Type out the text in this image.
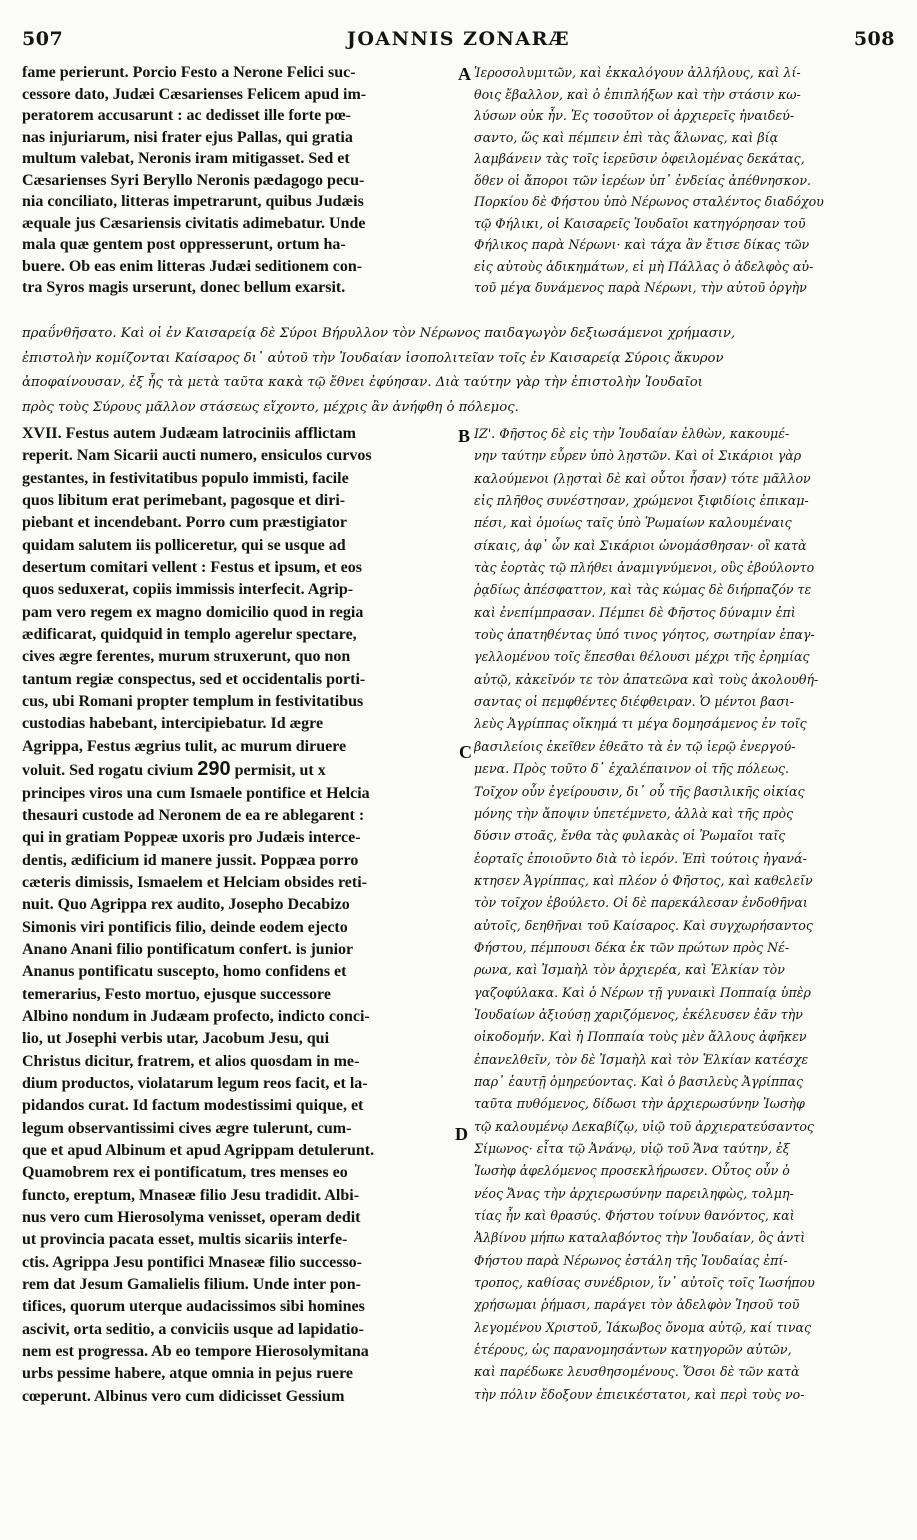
507	JOANNIS ZONARÆ	508
fame perierunt. Porcio Festo a Nerone Felici suc-
cessore dato, Judæi Cæsarienses Felicem apud im-
peratorem accusarunt : ac dedisset ille forte pœ-
nas injuriarum, nisi frater ejus Pallas, qui gratia
multum valebat, Neronis iram mitigasset. Sed et
Cæsarienses Syri Beryllo Neronis pædagogo pecu-
nia conciliato, litteras impetrarunt, quibus Judæis
æquale jus Cæsariensis civitatis adimebatur. Unde
mala quæ gentem post oppresserunt, ortum ha-
buere. Ob eas enim litteras Judæi seditionem con-
tra Syros magis urserunt, donec bellum exarsit.
Ἱεροσολυμιτῶν, καὶ ἐκκαλόγουν ἀλλήλους, καὶ λί-
θοις ἔβαλλον, καὶ ὁ ἐπιπλήξων καὶ τὴν στάσιν κω-
λύσων οὐκ ἦν. Ἐς τοσοῦτον οἱ ἀρχιερεῖς ἠναιδεύ-
σαντο, ὥς καὶ πέμπειν ἐπὶ τὰς ἅλωνας, καὶ βίᾳ
λαμβάνειν τὰς τοῖς ἱερεῦσιν ὀφειλομένας δεκάτας,
ὅθεν οἱ ἄποροι τῶν ἱερέων ὑπ᾽ ἐνδείας ἀπέθνησκον.
Πορκίου δὲ Φήστου ὑπὸ Νέρωνος σταλέντος διαδόχου
τῷ Φήλικι, οἱ Καισαρεῖς Ἰουδαῖοι κατηγόρησαν τοῦ
Φήλικος παρὰ Νέρωνι· καὶ τάχα ἂν ἔτισε δίκας τῶν
εἰς αὐτοὺς ἀδικημάτων, εἰ μὴ Πάλλας ὁ ἀδελφὸς αὐ-
τοῦ μέγα δυνάμενος παρὰ Νέρωνι, τὴν αὐτοῦ ὀργὴν
πραΰνθῆσατο. Καὶ οἱ ἐν Καισαρείᾳ δὲ Σύροι Βήρυλλον τὸν Νέρωνος παιδαγωγὸν δεξιωσάμενοι χρήμασιν,
ἐπιστολὴν κομίζονται Καίσαρος δι᾽ αὐτοῦ τὴν Ἰουδαίαν ἰσοπολιτεῖαν τοῖς ἐν Καισαρείᾳ Σύροις ἄκυρον
ἀποφαίνουσαν, ἐξ ἧς τὰ μετὰ ταῦτα κακὰ τῷ ἔθνει ἐφύησαν. Διὰ ταύτην γὰρ τὴν ἐπιστολὴν Ἰουδαῖοι
πρὸς τοὺς Σύρους μᾶλλον στάσεως εἴχοντο, μέχρις ἂν ἀνήφθη ὁ πόλεμος.
XVII. Festus autem Judæam latrociniis afflictam
reperit. Nam Sicarii aucti numero, ensiculos curvos
gestantes, in festivitatibus populo immisti, facile
quos libitum erat perimebant, pagosque et diri-
piebant et incendebant. Porro cum præstigiator
quidam salutem iis polliceretur, qui se usque ad
desertum comitari vellent : Festus et ipsum, et eos
quos seduxerat, copiis immissis interfecit. Agrip-
pam vero regem ex magno domicilio quod in regia
ædificarat, quidquid in templo agerelur spectare,
cives ægre ferentes, murum struxerunt, quo non
tantum regiæ conspectus, sed et occidentalis porti-
cus, ubi Romani propter templum in festivitatibus
custodias habebant, intercipiebatur. Id ægre
Agrippa, Festus ægrius tulit, ac murum diruere
voluit. Sed rogatu civium 290 permisit, ut x
principes viros una cum Ismaele pontifice et Helcia
thesauri custode ad Neronem de ea re ablegarent :
qui in gratiam Poppeæ uxoris pro Judæis interce-
dentis, ædificium id manere jussit. Poppæa porro
cæteris dimissis, Ismaelem et Helciam obsides reti-
nuit. Quo Agrippa rex audito, Josepho Decabizo
Simonis viri pontificis filio, deinde eodem ejecto
Anano Anani filio pontificatum confert. is junior
Ananus pontificatu suscepto, homo confidens et
temerarius, Festo mortuo, ejusque successore
Albino nondum in Judæam profecto, indicto conci-
lio, ut Josephi verbis utar, Jacobum Jesu, qui
Christus dicitur, fratrem, et alios quosdam in me-
dium productos, violatarum legum reos facit, et la-
pidandos curat. Id factum modestissimi quique, et
legum observantissimi cives ægre tulerunt, cum-
que et apud Albinum et apud Agrippam detulerunt.
Quamobrem rex ei pontificatum, tres menses eo
functo, ereptum, Mnaseæ filio Jesu tradidit. Albi-
nus vero cum Hierosolyma venisset, operam dedit
ut provincia pacata esset, multis sicariis interfe-
ctis. Agrippa Jesu pontifici Mnaseæ filio successo-
rem dat Jesum Gamalielis filium. Unde inter pon-
tifices, quorum uterque audacissimos sibi homines
ascivit, orta seditio, a conviciis usque ad lapidatio-
nem est progressa. Ab eo tempore Hierosolymitana
urbs pessime habere, atque omnia in pejus ruere
cœperunt. Albinus vero cum didicisset Gessium
ΙΖ'. Φῆστος δὲ εἰς τὴν Ἰουδαίαν ἐλθὼν, κακουμέ-
νην ταύτην εὗρεν ὑπὸ λῃστῶν. Καὶ οἱ Σικάριοι γὰρ
καλούμενοι (λῃσταὶ δὲ καὶ οὗτοι ἦσαν) τότε μᾶλλον
εἰς πλῆθος συνέστησαν, χρώμενοι ξιφιδίοις ἐπικαμ-
πέσι, καὶ ὁμοίως ταῖς ὑπὸ Ῥωμαίων καλουμέναις
σίκαις, ἀφ᾽ ὧν καὶ Σικάριοι ὠνομάσθησαν· οἳ κατὰ
τὰς ἑορτὰς τῷ πλήθει ἀναμιγνύμενοι, οὓς ἐβούλοντο
ῥᾳδίως ἀπέσφαττον, καὶ τὰς κώμας δὲ διήρπαζόν τε
καὶ ἐνεπίμπρασαν. Πέμπει δὲ Φῆστος δύναμιν ἐπὶ
τοὺς ἀπατηθέντας ὑπό τινος γόητος, σωτηρίαν ἐπαγ-
γελλομένου τοῖς ἕπεσθαι θέλουσι μέχρι τῆς ἐρημίας
αὐτῷ, κἀκεῖνόν τε τὸν ἀπατεῶνα καὶ τοὺς ἀκολουθή-
σαντας οἱ πεμφθέντες διέφθειραν. Ὁ μέντοι βασι-
λεὺς Ἀγρίππας οἴκημά τι μέγα δομησάμενος ἐν τοῖς
βασιλείοις ἐκεῖθεν ἐθεᾶτο τὰ ἐν τῷ ἱερῷ ἐνεργού-
μενα. Πρὸς τοῦτο δ᾽ ἐχαλέπαινον οἱ τῆς πόλεως.
Τοῖχον οὖν ἐγείρουσιν, δι᾽ οὗ τῆς βασιλικῆς οἰκίας
μόνης τὴν ἄποψιν ὑπετέμνετο, ἀλλὰ καὶ τῆς πρὸς
δύσιν στοᾶς, ἔνθα τὰς φυλακὰς οἱ Ῥωμαῖοι ταῖς
ἑορταῖς ἐποιοῦντο διὰ τὸ ἱερόν. Ἐπὶ τούτοις ἠγανά-
κτησεν Ἀγρίππας, καὶ πλέον ὁ Φῆστος, καὶ καθελεῖν
τὸν τοῖχον ἐβούλετο. Οἱ δὲ παρεκάλεσαν ἐνδοθῆναι
αὐτοῖς, δεηθῆναι τοῦ Καίσαρος. Καὶ συγχωρήσαντος
Φήστου, πέμπουσι δέκα ἐκ τῶν πρώτων πρὸς Νέ-
ρωνα, καὶ Ἰσμαὴλ τὸν ἀρχιερέα, καὶ Ἑλκίαν τὸν
γαζοφύλακα. Καὶ ὁ Νέρων τῇ γυναικὶ Ποππαίᾳ ὑπὲρ
Ἰουδαίων ἀξιούσῃ χαριζόμενος, ἐκέλευσεν ἐᾶν τὴν
οἰκοδομήν. Καὶ ἡ Ποππαία τοὺς μὲν ἄλλους ἀφῆκεν
ἐπανελθεῖν, τὸν δὲ Ἰσμαὴλ καὶ τὸν Ἑλκίαν κατέσχε
παρ᾽ ἑαυτῇ ὁμηρεύοντας. Καὶ ὁ βασιλεὺς Ἀγρίππας
ταῦτα πυθόμενος, δίδωσι τὴν ἀρχιερωσύνην Ἰωσὴφ
τῷ καλουμένῳ Δεκαβίζῳ, υἱῷ τοῦ ἀρχιερατεύσαντος
Σίμωνος· εἶτα τῷ Ἀνάνῳ, υἱῷ τοῦ Ἄνα ταύτην, ἐξ
Ἰωσὴφ ἀφελόμενος προσεκλήρωσεν. Οὗτος οὖν ὁ
νέος Ἄνας τὴν ἀρχιερωσύνην παρειληφὼς, τολμη-
τίας ἦν καὶ θρασύς. Φήστου τοίνυν θανόντος, καὶ
Ἀλβίνου μήπω καταλαβόντος τὴν Ἰουδαίαν, ὃς ἀντὶ
Φήστου παρὰ Νέρωνος ἐστάλη τῆς Ἰουδαίας ἐπί-
τροπος, καθίσας συνέδριον, ἵν᾽ αὐτοῖς τοῖς Ἰωσήπου
χρήσωμαι ῥήμασι, παράγει τὸν ἀδελφὸν Ἰησοῦ τοῦ
λεγομένου Χριστοῦ, Ἰάκωβος ὄνομα αὐτῷ, καί τινας
ἑτέρους, ὡς παρανομησάντων κατηγορῶν αὐτῶν,
καὶ παρέδωκε λευσθησομένους. Ὅσοι δὲ τῶν κατὰ
τὴν πόλιν ἔδοξουν ἐπιεικέστατοι, καὶ περὶ τοὺς νο-
A
B
C
D
